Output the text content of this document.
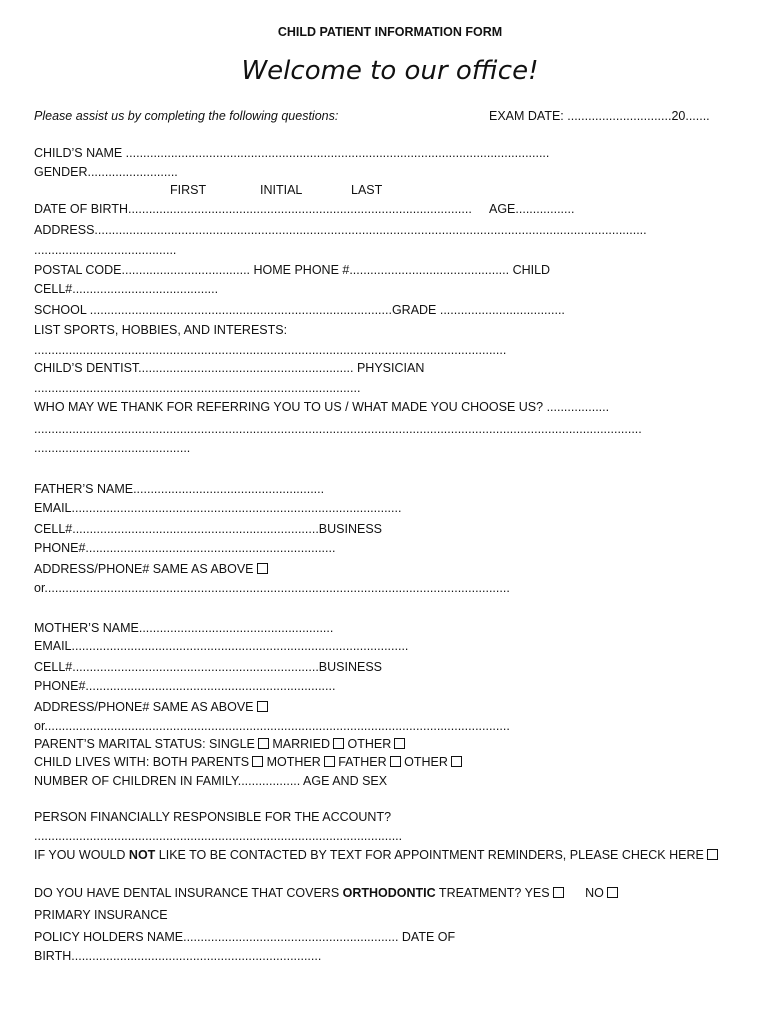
CHILD PATIENT INFORMATION FORM
Welcome to our office!
Please assist us by completing the following questions:	EXAM DATE: ..............................20.......
CHILD’S NAME ..........................................................................................................................
GENDER..........................
FIRST	INITIAL	LAST
DATE OF BIRTH................................................................................................... AGE.................
ADDRESS...............................................................................................................................................................
.........................................
POSTAL CODE..................................... HOME PHONE #.............................................. CHILD
CELL#..........................................
SCHOOL .......................................................................................GRADE ....................................
LIST SPORTS, HOBBIES, AND INTERESTS:
........................................................................................................................................
CHILD’S DENTIST.............................................................. PHYSICIAN
..............................................................................................
WHO MAY WE THANK FOR REFERRING YOU TO US / WHAT MADE YOU CHOOSE US? ..................
...............................................................................................................................................................................
.............................................
FATHER’S NAME.......................................................
EMAIL...............................................................................................
CELL#.......................................................................BUSINESS
PHONE#........................................................................
ADDRESS/PHONE# SAME AS ABOVE
or......................................................................................................................................
MOTHER’S NAME........................................................
EMAIL.................................................................................................
CELL#.......................................................................BUSINESS
PHONE#........................................................................
ADDRESS/PHONE# SAME AS ABOVE
or......................................................................................................................................
PARENT’S MARITAL STATUS: SINGLE MARRIED OTHER
CHILD LIVES WITH: BOTH PARENTS MOTHER FATHER OTHER
NUMBER OF CHILDREN IN FAMILY.................. AGE AND SEX
PERSON FINANCIALLY RESPONSIBLE FOR THE ACCOUNT?
..........................................................................................................
IF YOU WOULD NOT LIKE TO BE CONTACTED BY TEXT FOR APPOINTMENT REMINDERS, PLEASE CHECK HERE
DO YOU HAVE DENTAL INSURANCE THAT COVERS ORTHODONTIC TREATMENT? YES	NO
PRIMARY INSURANCE
POLICY HOLDERS NAME.............................................................. DATE OF
BIRTH........................................................................
